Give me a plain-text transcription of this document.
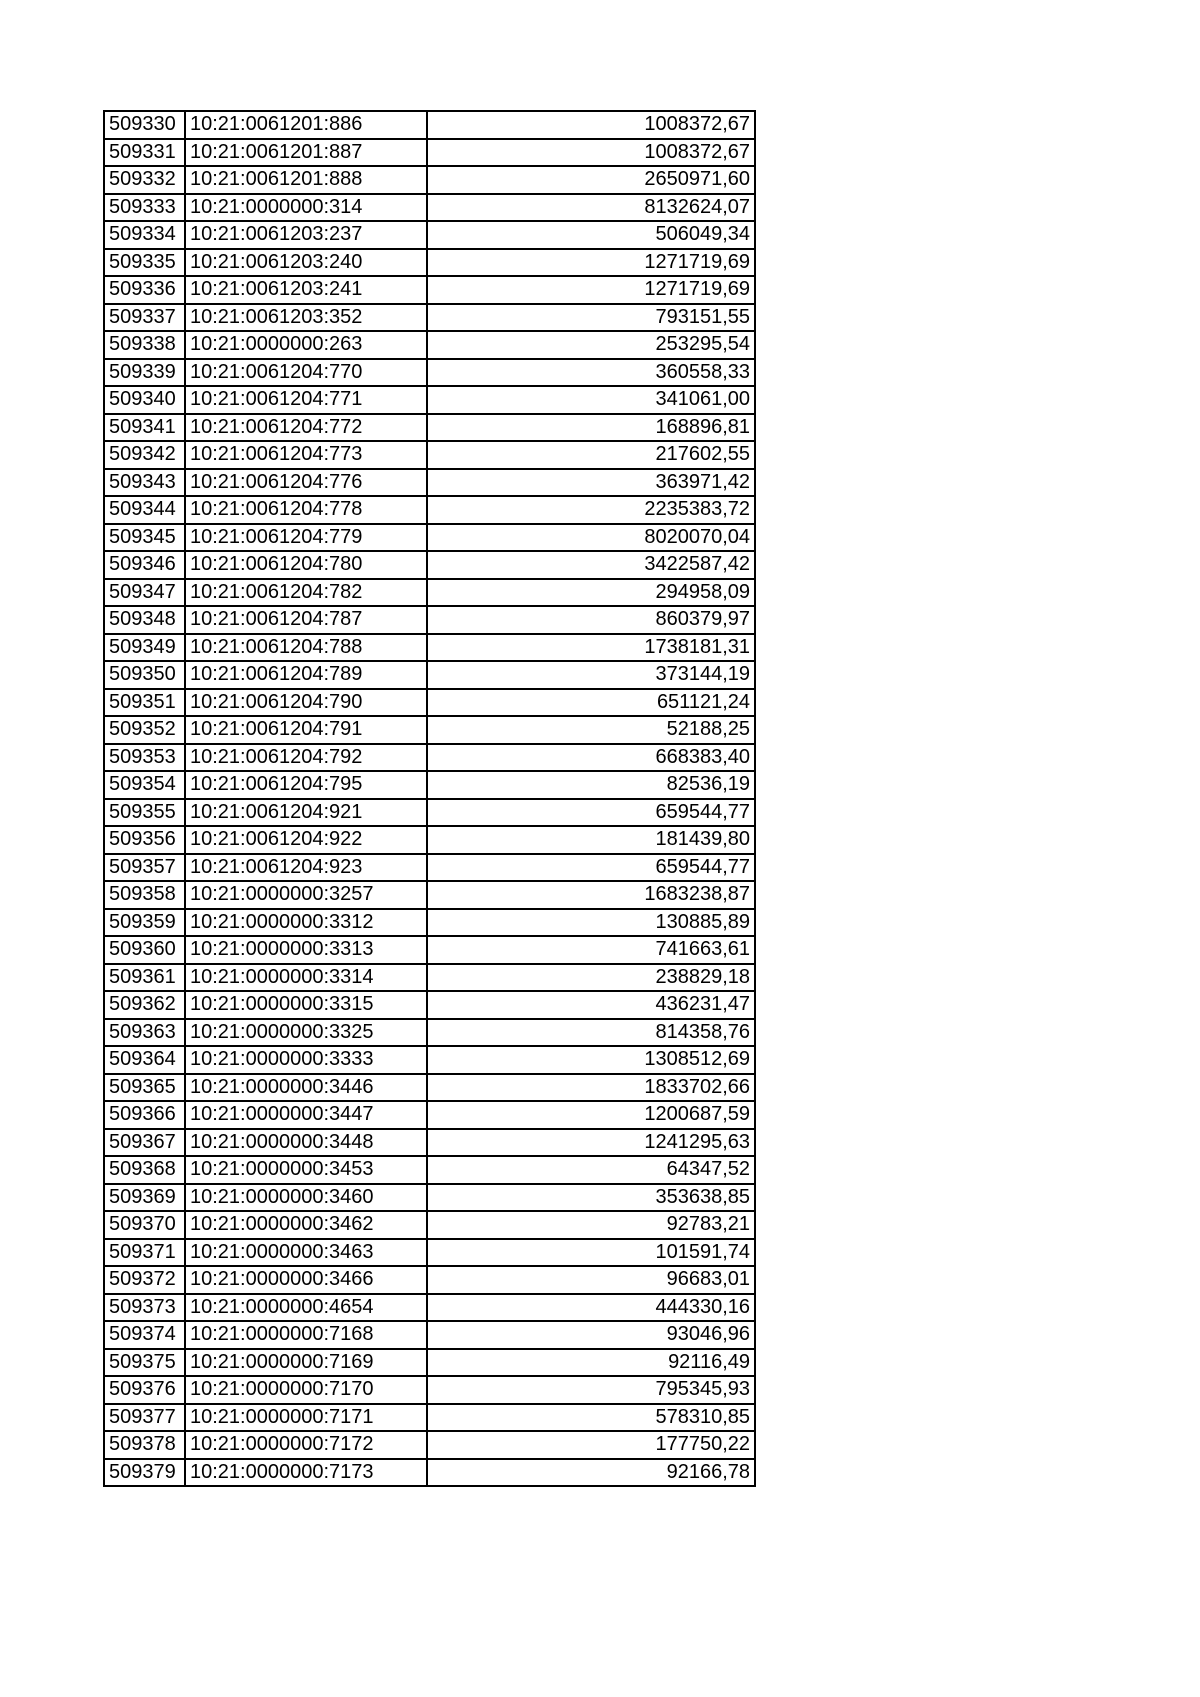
509330	10:21:0061201:886	1008372,67
509331	10:21:0061201:887	1008372,67
509332	10:21:0061201:888	2650971,60
509333	10:21:0000000:314	8132624,07
509334	10:21:0061203:237	506049,34
509335	10:21:0061203:240	1271719,69
509336	10:21:0061203:241	1271719,69
509337	10:21:0061203:352	793151,55
509338	10:21:0000000:263	253295,54
509339	10:21:0061204:770	360558,33
509340	10:21:0061204:771	341061,00
509341	10:21:0061204:772	168896,81
509342	10:21:0061204:773	217602,55
509343	10:21:0061204:776	363971,42
509344	10:21:0061204:778	2235383,72
509345	10:21:0061204:779	8020070,04
509346	10:21:0061204:780	3422587,42
509347	10:21:0061204:782	294958,09
509348	10:21:0061204:787	860379,97
509349	10:21:0061204:788	1738181,31
509350	10:21:0061204:789	373144,19
509351	10:21:0061204:790	651121,24
509352	10:21:0061204:791	52188,25
509353	10:21:0061204:792	668383,40
509354	10:21:0061204:795	82536,19
509355	10:21:0061204:921	659544,77
509356	10:21:0061204:922	181439,80
509357	10:21:0061204:923	659544,77
509358	10:21:0000000:3257	1683238,87
509359	10:21:0000000:3312	130885,89
509360	10:21:0000000:3313	741663,61
509361	10:21:0000000:3314	238829,18
509362	10:21:0000000:3315	436231,47
509363	10:21:0000000:3325	814358,76
509364	10:21:0000000:3333	1308512,69
509365	10:21:0000000:3446	1833702,66
509366	10:21:0000000:3447	1200687,59
509367	10:21:0000000:3448	1241295,63
509368	10:21:0000000:3453	64347,52
509369	10:21:0000000:3460	353638,85
509370	10:21:0000000:3462	92783,21
509371	10:21:0000000:3463	101591,74
509372	10:21:0000000:3466	96683,01
509373	10:21:0000000:4654	444330,16
509374	10:21:0000000:7168	93046,96
509375	10:21:0000000:7169	92116,49
509376	10:21:0000000:7170	795345,93
509377	10:21:0000000:7171	578310,85
509378	10:21:0000000:7172	177750,22
509379	10:21:0000000:7173	92166,78
